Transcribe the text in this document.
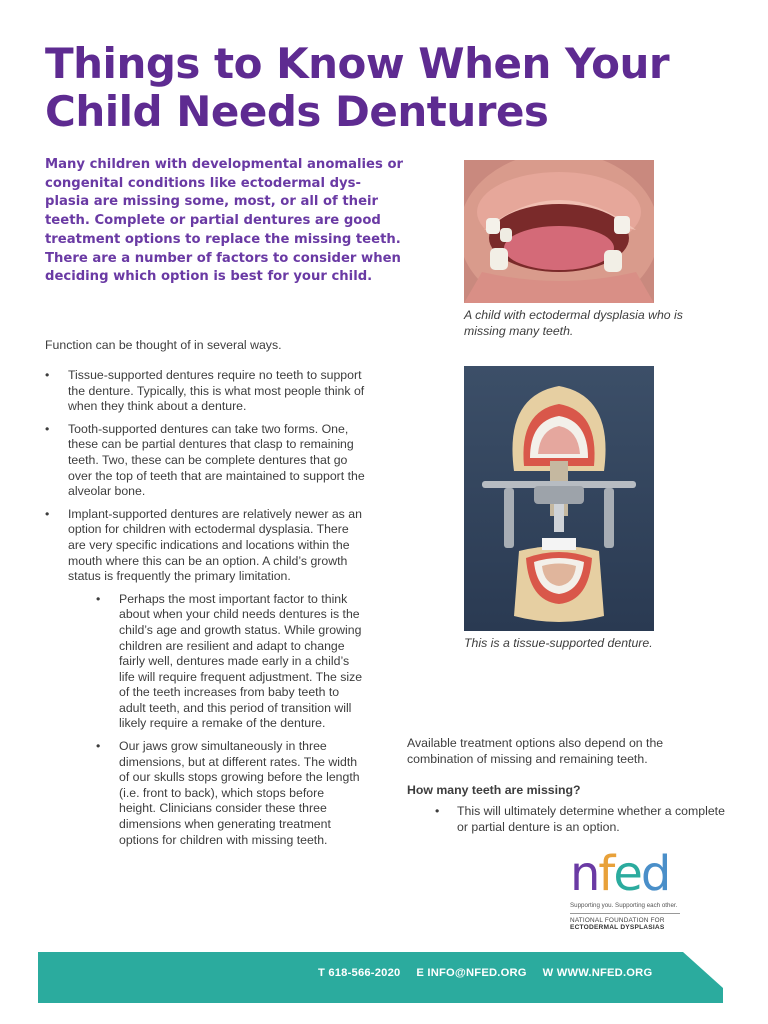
Things to Know When Your Child Needs Dentures

Many children with developmental anomalies or congenital conditions like ectodermal dys-plasia are missing some, most, or all of their teeth. Complete or partial dentures are good treatment options to replace the missing teeth. There are a number of factors to consider when deciding which option is best for your child.

Function can be thought of in several ways.

• Tissue-supported dentures require no teeth to support the denture. Typically, this is what most people think of when they think about a denture.
• Tooth-supported dentures can take two forms. One, these can be partial dentures that clasp to remaining teeth. Two, these can be complete dentures that go over the top of teeth that are maintained to support the alveolar bone.
• Implant-supported dentures are relatively newer as an option for children with ectodermal dysplasia. There are very specific indications and locations within the mouth where this can be an option. A child’s growth status is frequently the primary limitation.
• Perhaps the most important factor to think about when your child needs dentures is the child’s age and growth status. While growing children are resilient and adapt to change fairly well, dentures made early in a child’s life will require frequent adjustment. The size of the teeth increases from baby teeth to adult teeth, and this period of transition will likely require a remake of the denture.
• Our jaws grow simultaneously in three dimensions, but at different rates. The width of our skulls stops growing before the length (i.e. front to back), which stops before height. Clinicians consider these three dimensions when generating treatment options for children with missing teeth.

A child with ectodermal dysplasia who is missing many teeth.

This is a tissue-supported denture.

Available treatment options also depend on the combination of missing and remaining teeth.

How many teeth are missing?
• This will ultimately determine whether a complete or partial denture is an option.
nfed
Supporting you. Supporting each other.
NATIONAL FOUNDATION FOR
ECTODERMAL DYSPLASIAS
T 618-566-2020 E INFO@NFED.ORG W WWW.NFED.ORG
